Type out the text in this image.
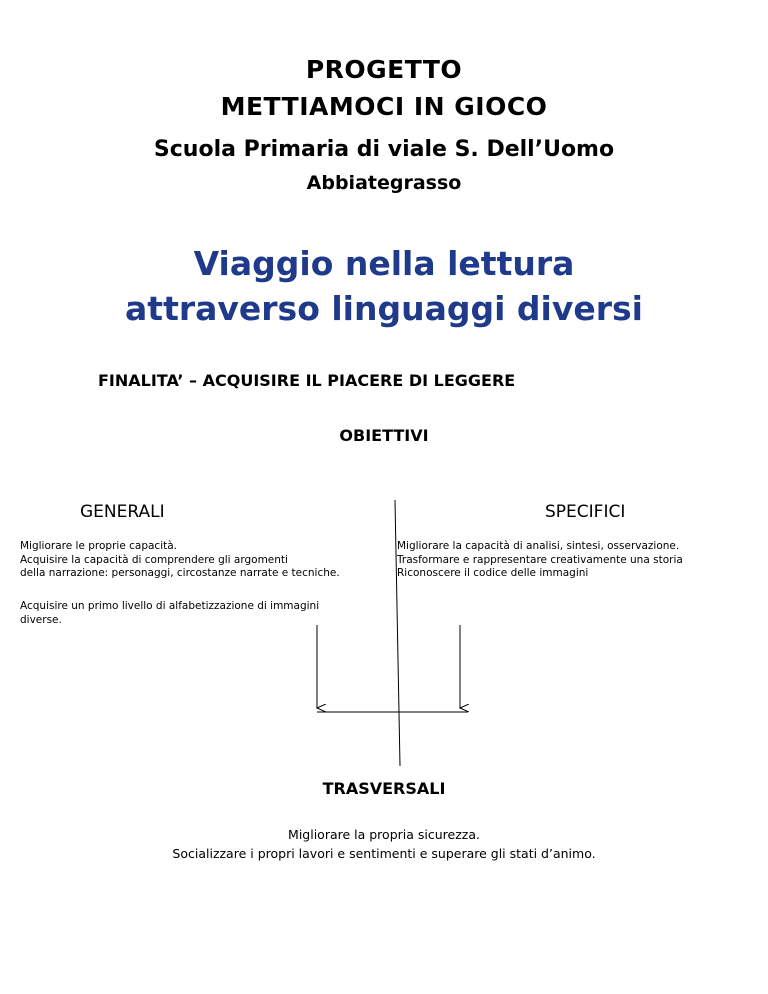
PROGETTO
METTIAMOCI IN GIOCO
Scuola Primaria di viale S. Dell’Uomo
Abbiategrasso
Viaggio nella lettura
attraverso linguaggi diversi
FINALITA’ – ACQUISIRE IL PIACERE DI LEGGERE
OBIETTIVI
GENERALI	SPECIFICI
Migliorare le proprie capacità.
Acquisire la capacità di comprendere gli argomenti
della narrazione: personaggi, circostanze narrate e tecniche.
Migliorare la capacità di analisi, sintesi, osservazione.
Trasformare e rappresentare creativamente una storia
Riconoscere il codice delle immagini
Acquisire un primo livello di alfabetizzazione di immagini
diverse.
TRASVERSALI
Migliorare la propria sicurezza.
Socializzare i propri lavori e sentimenti e superare gli stati d’animo.
